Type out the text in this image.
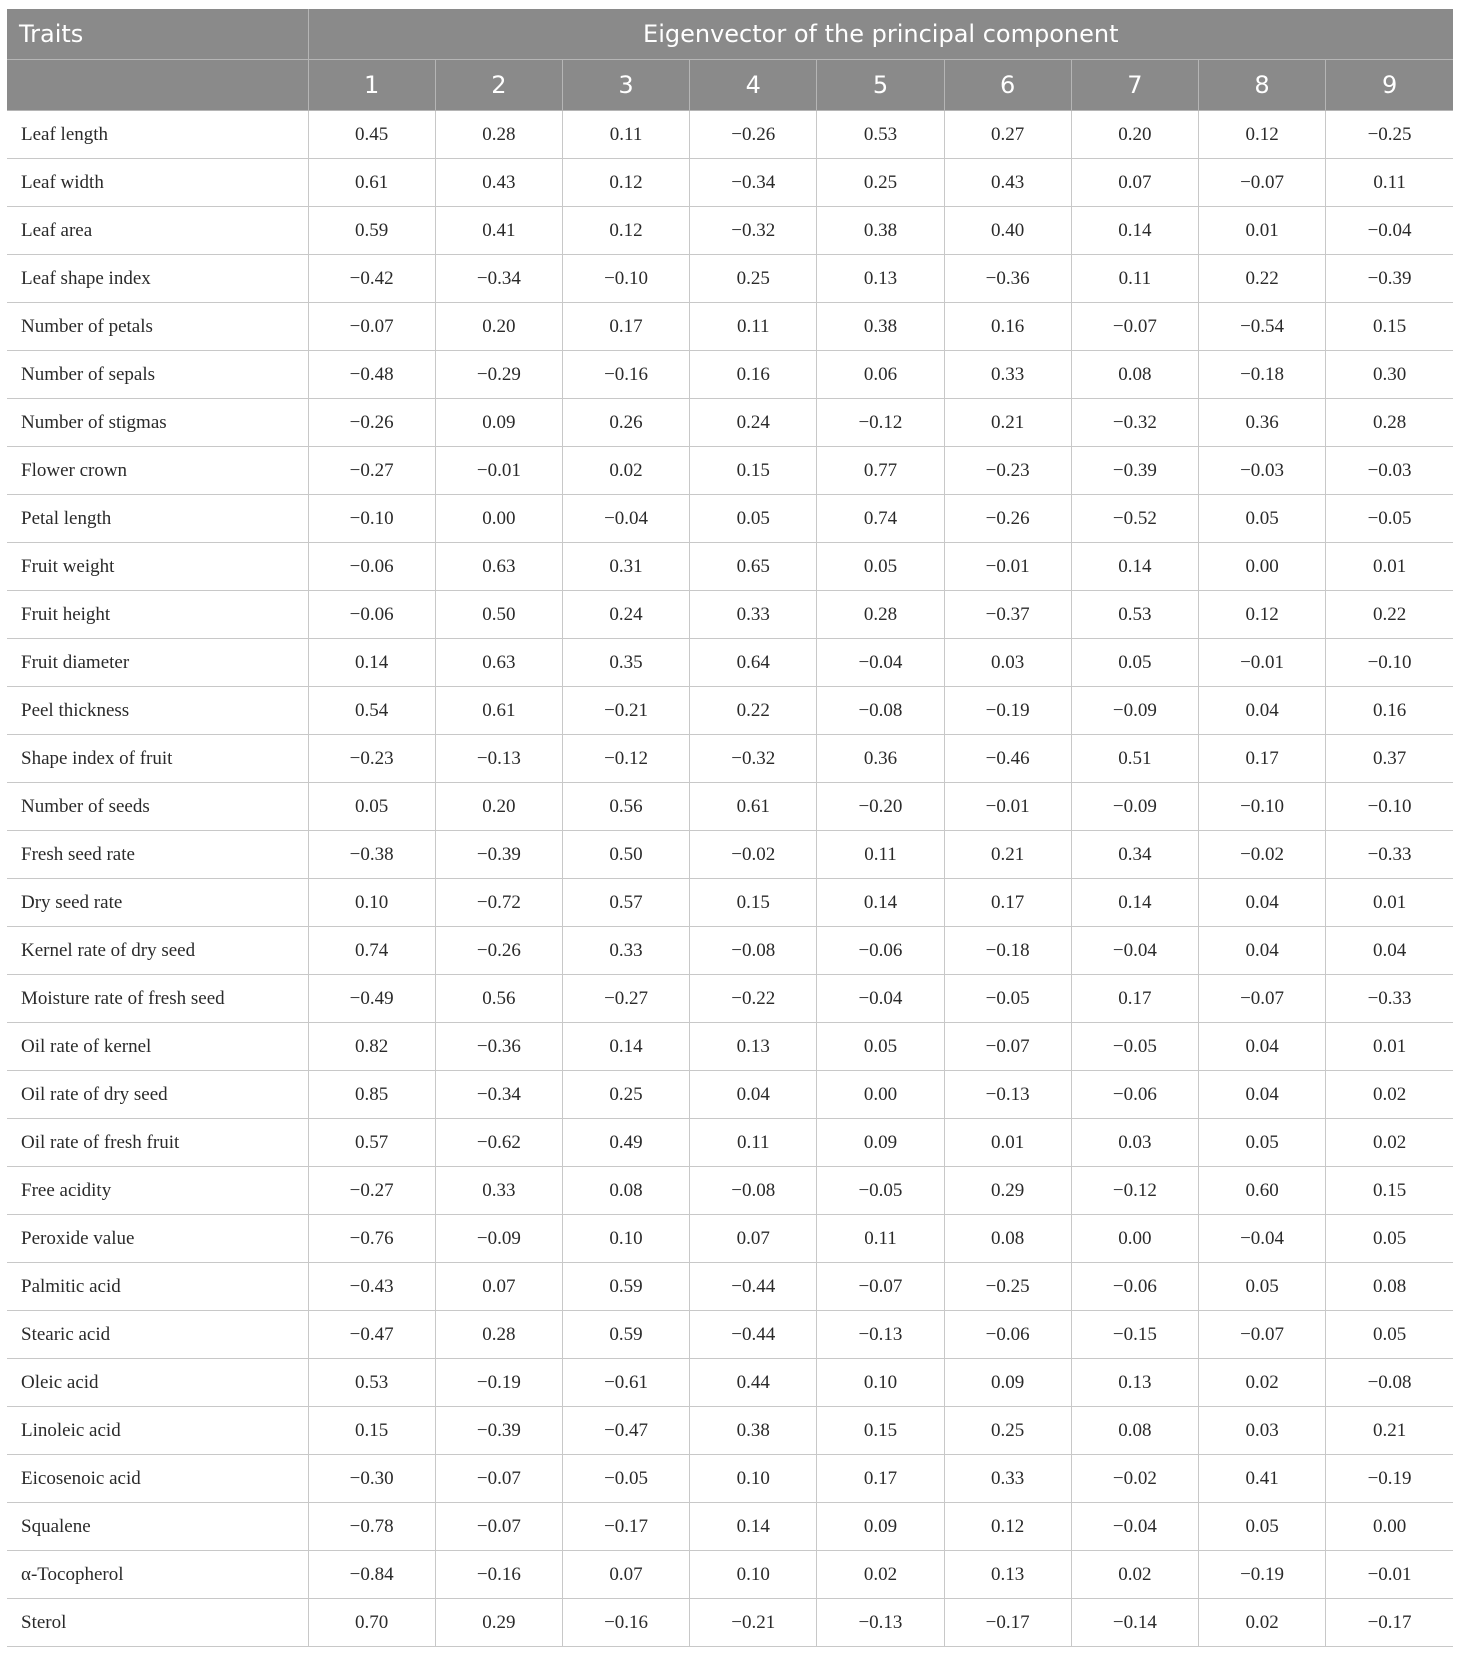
Traits	Eigenvector of the principal component								
	1	2	3	4	5	6	7	8	9
Leaf length	0.45	0.28	0.11	−0.26	0.53	0.27	0.20	0.12	−0.25
Leaf width	0.61	0.43	0.12	−0.34	0.25	0.43	0.07	−0.07	0.11
Leaf area	0.59	0.41	0.12	−0.32	0.38	0.40	0.14	0.01	−0.04
Leaf shape index	−0.42	−0.34	−0.10	0.25	0.13	−0.36	0.11	0.22	−0.39
Number of petals	−0.07	0.20	0.17	0.11	0.38	0.16	−0.07	−0.54	0.15
Number of sepals	−0.48	−0.29	−0.16	0.16	0.06	0.33	0.08	−0.18	0.30
Number of stigmas	−0.26	0.09	0.26	0.24	−0.12	0.21	−0.32	0.36	0.28
Flower crown	−0.27	−0.01	0.02	0.15	0.77	−0.23	−0.39	−0.03	−0.03
Petal length	−0.10	0.00	−0.04	0.05	0.74	−0.26	−0.52	0.05	−0.05
Fruit weight	−0.06	0.63	0.31	0.65	0.05	−0.01	0.14	0.00	0.01
Fruit height	−0.06	0.50	0.24	0.33	0.28	−0.37	0.53	0.12	0.22
Fruit diameter	0.14	0.63	0.35	0.64	−0.04	0.03	0.05	−0.01	−0.10
Peel thickness	0.54	0.61	−0.21	0.22	−0.08	−0.19	−0.09	0.04	0.16
Shape index of fruit	−0.23	−0.13	−0.12	−0.32	0.36	−0.46	0.51	0.17	0.37
Number of seeds	0.05	0.20	0.56	0.61	−0.20	−0.01	−0.09	−0.10	−0.10
Fresh seed rate	−0.38	−0.39	0.50	−0.02	0.11	0.21	0.34	−0.02	−0.33
Dry seed rate	0.10	−0.72	0.57	0.15	0.14	0.17	0.14	0.04	0.01
Kernel rate of dry seed	0.74	−0.26	0.33	−0.08	−0.06	−0.18	−0.04	0.04	0.04
Moisture rate of fresh seed	−0.49	0.56	−0.27	−0.22	−0.04	−0.05	0.17	−0.07	−0.33
Oil rate of kernel	0.82	−0.36	0.14	0.13	0.05	−0.07	−0.05	0.04	0.01
Oil rate of dry seed	0.85	−0.34	0.25	0.04	0.00	−0.13	−0.06	0.04	0.02
Oil rate of fresh fruit	0.57	−0.62	0.49	0.11	0.09	0.01	0.03	0.05	0.02
Free acidity	−0.27	0.33	0.08	−0.08	−0.05	0.29	−0.12	0.60	0.15
Peroxide value	−0.76	−0.09	0.10	0.07	0.11	0.08	0.00	−0.04	0.05
Palmitic acid	−0.43	0.07	0.59	−0.44	−0.07	−0.25	−0.06	0.05	0.08
Stearic acid	−0.47	0.28	0.59	−0.44	−0.13	−0.06	−0.15	−0.07	0.05
Oleic acid	0.53	−0.19	−0.61	0.44	0.10	0.09	0.13	0.02	−0.08
Linoleic acid	0.15	−0.39	−0.47	0.38	0.15	0.25	0.08	0.03	0.21
Eicosenoic acid	−0.30	−0.07	−0.05	0.10	0.17	0.33	−0.02	0.41	−0.19
Squalene	−0.78	−0.07	−0.17	0.14	0.09	0.12	−0.04	0.05	0.00
α-Tocopherol	−0.84	−0.16	0.07	0.10	0.02	0.13	0.02	−0.19	−0.01
Sterol	0.70	0.29	−0.16	−0.21	−0.13	−0.17	−0.14	0.02	−0.17
